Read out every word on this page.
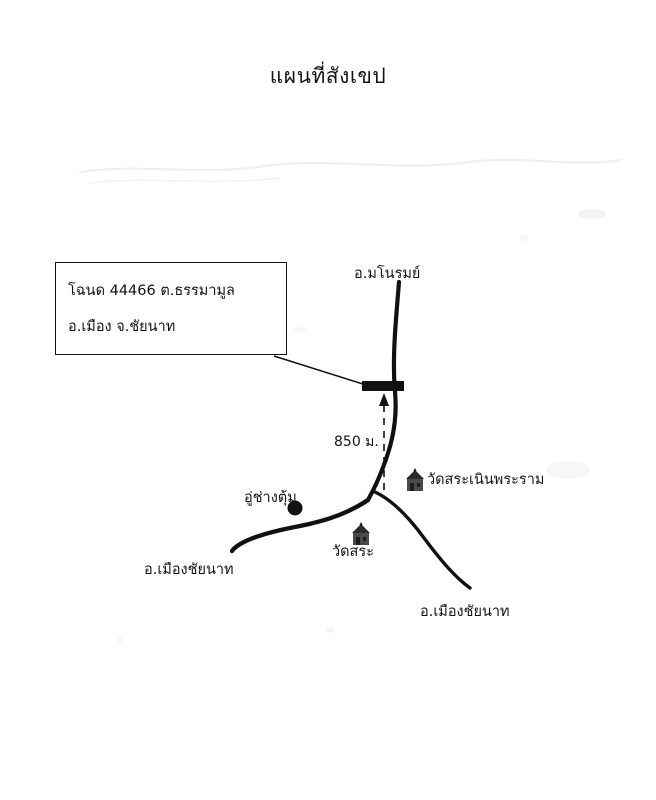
แผนที่สังเขป
โฉนด 44466 ต.ธรรมามูล
อ.เมือง จ.ชัยนาท
850 ม.
อ.มโนรมย์
วัดสระเนินพระราม
วัดสระ
อู่ช่างตุ้ม
อ.เมืองชัยนาท
อ.เมืองชัยนาท
